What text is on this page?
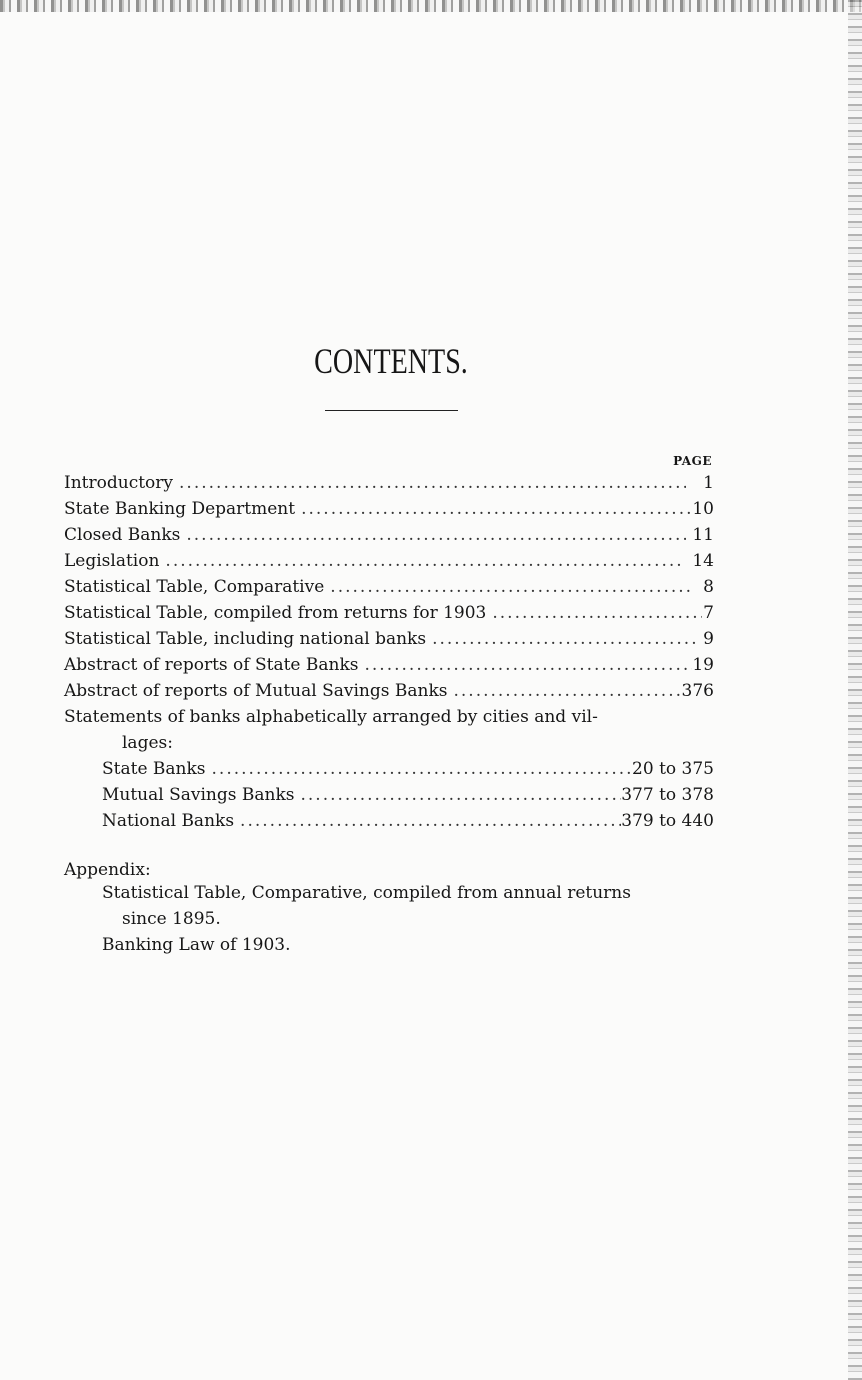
CONTENTS.
PAGE
Introductory .....	1
State Banking Department .....	10
Closed Banks .....	11
Legislation .....	14
Statistical Table, Comparative .....	8
Statistical Table, compiled from returns for 1903 .....	7
Statistical Table, including national banks .....	9
Abstract of reports of State Banks .....	19
Abstract of reports of Mutual Savings Banks .....	376
Statements of banks alphabetically arranged by cities and vil-
lages:
State Banks .....	20 to 375
Mutual Savings Banks .....	377 to 378
National Banks .....	379 to 440
Appendix:
Statistical Table, Comparative, compiled from annual returns
since 1895.
Banking Law of 1903.
